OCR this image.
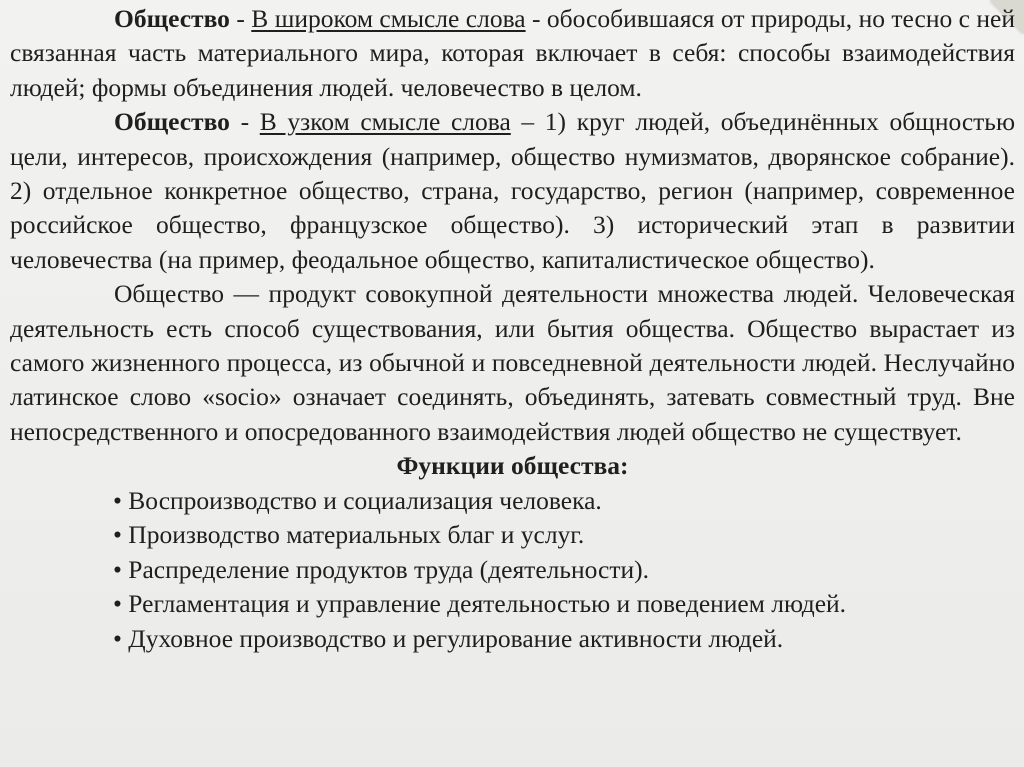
Общество - В широком смысле слова - обособившаяся от природы, но тесно с ней связанная часть материального мира, которая включает в себя: способы взаимодействия людей; формы объединения людей. человечество в целом.

Общество - В узком смысле слова – 1) круг людей, объединённых общностью цели, интересов, происхождения (например, общество нумизматов, дворянское собрание). 2) отдельное конкретное общество, страна, государство, регион (например, современное российское общество, французское общество). 3) исторический этап в развитии человечества (на пример, феодальное общество, капиталистическое общество).

Общество — продукт совокупной деятельности множества людей. Человеческая деятельность есть способ существования, или бытия общества. Общество вырастает из самого жизненного процесса, из обычной и повседневной деятельности людей. Неслучайно латинское слово «socio» означает соединять, объединять, затевать совместный труд. Вне непосредственного и опосредованного взаимодействия людей общество не существует.

Функции общества:

• Воспроизводство и социализация человека.
• Производство материальных благ и услуг.
• Распределение продуктов труда (деятельности).
• Регламентация и управление деятельностью и поведением людей.
• Духовное производство и регулирование активности людей.
